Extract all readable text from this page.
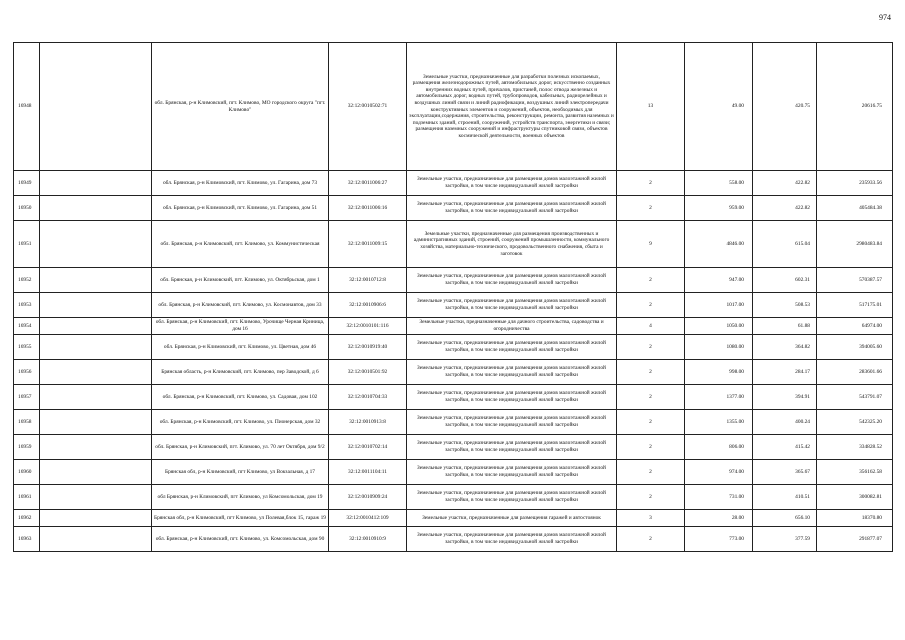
974
16948		обл. Брянская, р-н Климовский, пгт. Климово, МО городского округа "пгт. Климово"	32:12:0010502:71	Земельные участки, предназначенные для разработки полезных ископаемых, размещения железнодорожных путей, автомобильных дорог, искусственно созданных внутренних водных путей, причалов, пристаней, полос отвода железных и автомобильных дорог, водных путей, трубопроводов, кабельных, радиорелейных и воздушных линий связи и линий радиофикации, воздушных линий электропередачи конструктивных элементов и сооружений, объектов, необходимых для эксплуатации,содержания, строительства, реконструкции, ремонта, развития наземных и подземных зданий, строений, сооружений, устройств транспорта, энергетики и связи; размещения наземных сооружений и инфраструктуры спутниковой связи, объектов космической деятельности, военных объектов	13	49.00	420.75	20616.75

16949		обл. Брянская, р-н Климовский, пгт. Климово, ул. Гагарина, дом 73	32:12:0011006:27	Земельные участки, предназначенные для размещения домов малоэтажной жилой застройки, в том числе индивидуальной жилой застройки	2	558.00	422.82	235933.56

16950		обл. Брянская, р-н Климовский, пгт. Климово, ул. Гагарина, дом 51	32:12:0011006:16	Земельные участки, предназначенные для размещения домов малоэтажной жилой застройки, в том числе индивидуальной жилой застройки	2	959.00	422.82	405484.38

16951		обл. Брянская, р-н Климовский, пгт. Климово, ул. Коммунистическая	32:12:0011009:15	Земельные участки, предназначенные для размещения производственных и административных зданий, строений, сооружений промышленности, коммунального хозяйства, материально-технического, продовольственного снабжения, сбыта и заготовок	9	4846.00	615.04	2980483.84

16952		обл. Брянская, р-н Климовский, пгт. Климово, ул. Октябрьская, дом 1	32:12:0010712:8	Земельные участки, предназначенные для размещения домов малоэтажной жилой застройки, в том числе индивидуальной жилой застройки	2	947.00	602.31	570387.57

16953		обл. Брянская, р-н Климовский, пгт. Климово, ул. Космонавтов, дом 33	32:12:0010906:6	Земельные участки, предназначенные для размещения домов малоэтажной жилой застройки, в том числе индивидуальной жилой застройки	2	1017.00	508.53	517175.01

16954		обл. Брянская, р-н Климовский, пгт. Климово, Урочище Черная Криница, дом 16	32:12:0010101:116	Земельные участки, предназначенные для дачного строительства, садоводства и огородничества	4	1050.00	61.88	64974.00

16955		обл. Брянская, р-н Климовский, пгт. Климово, ул. Цветная, дом 46	32:12:0010919:40	Земельные участки, предназначенные для размещения домов малоэтажной жилой застройки, в том числе индивидуальной жилой застройки	2	1080.00	364.82	394005.60

16956		Брянская область, р-н Климовский, пгт. Климово, пер Заводской, д 6	32:12:0010501:92	Земельные участки, предназначенные для размещения домов малоэтажной жилой застройки, в том числе индивидуальной жилой застройки	2	998.00	284.17	283601.66

16957		обл. Брянская, р-н Климовский, пгт. Климово, ул. Садовая, дом 102	32:12:0010704:33	Земельные участки, предназначенные для размещения домов малоэтажной жилой застройки, в том числе индивидуальной жилой застройки	2	1377.00	394.91	543791.07

16958		обл. Брянская, р-н Климовский, пгт. Климово, ул. Пионерская, дом 32	32:12:0010913:8	Земельные участки, предназначенные для размещения домов малоэтажной жилой застройки, в том числе индивидуальной жилой застройки	2	1355.00	400.24	542325.20

16959		обл. Брянская, р-н Климовский, пгт. Климово, ул. 70 лет Октября, дом 9/2	32:12:0010702:14	Земельные участки, предназначенные для размещения домов малоэтажной жилой застройки, в том числе индивидуальной жилой застройки	2	806.00	415.42	334828.52

16960		Брянская обл, р-н Климовский, пгт Климово, ул Вокзальная, д 17	32:12:0011104:11	Земельные участки, предназначенные для размещения домов малоэтажной жилой застройки, в том числе индивидуальной жилой застройки	2	974.00	365.67	356162.58

16961		обл Брянская, р-н Климовский, пгт Климово, ул Комсомольская, дом 19	32:12:0010909:24	Земельные участки, предназначенные для размещения домов малоэтажной жилой застройки, в том числе индивидуальной жилой застройки	2	731.00	410.51	300082.81

16962		Брянская обл, р-н Климовский, пгт Климово, ул Полевая,блок 15, гараж 19	32:12:0010412:109	Земельные участки, предназначенные для размещения гаражей и автостоянок	3	28.00	656.10	18370.80

16963		обл. Брянская, р-н Климовский, пгт. Климово, ул. Комсомольская, дом 90	32:12:0010910:9	Земельные участки, предназначенные для размещения домов малоэтажной жилой застройки, в том числе индивидуальной жилой застройки	2	773.00	377.59	291877.07
